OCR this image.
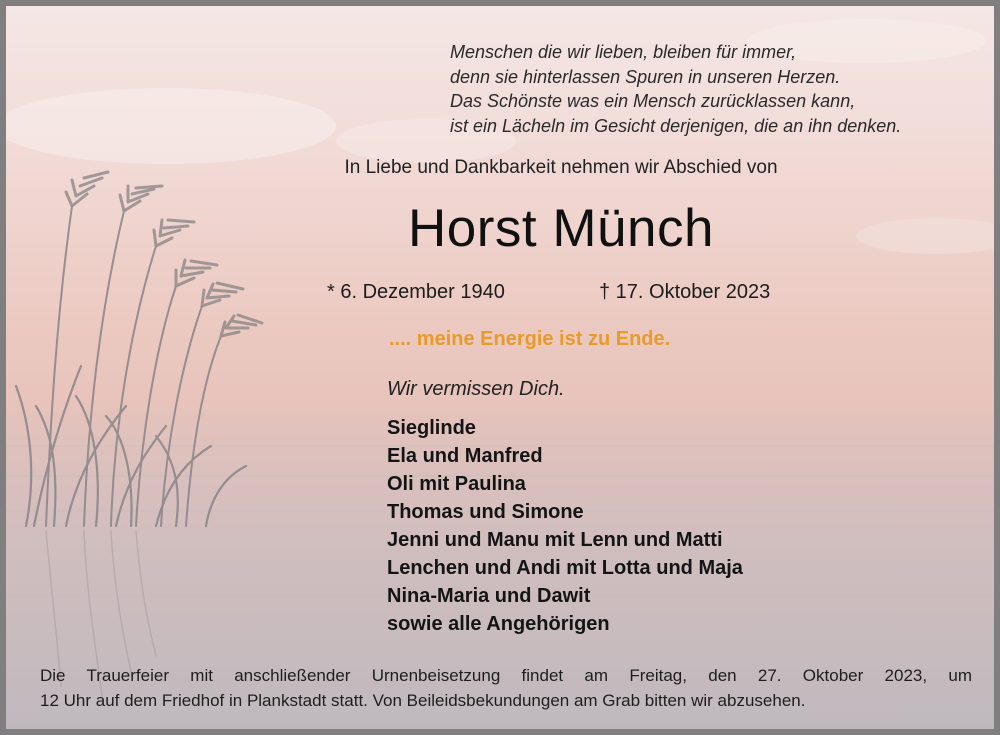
Menschen die wir lieben, bleiben für immer,
denn sie hinterlassen Spuren in unseren Herzen.
Das Schönste was ein Mensch zurücklassen kann,
ist ein Lächeln im Gesicht derjenigen, die an ihn denken.
In Liebe und Dankbarkeit nehmen wir Abschied von
Horst Münch
* 6. Dezember 1940	† 17. Oktober 2023
.... meine Energie ist zu Ende.
Wir vermissen Dich.
Sieglinde
Ela und Manfred
Oli mit Paulina
Thomas und Simone
Jenni und Manu mit Lenn und Matti
Lenchen und Andi mit Lotta und Maja
Nina-Maria und Dawit
sowie alle Angehörigen
Die Trauerfeier mit anschließender Urnenbeisetzung findet am Freitag, den 27. Oktober 2023, um
12 Uhr auf dem Friedhof in Plankstadt statt. Von Beileidsbekundungen am Grab bitten wir abzusehen.
